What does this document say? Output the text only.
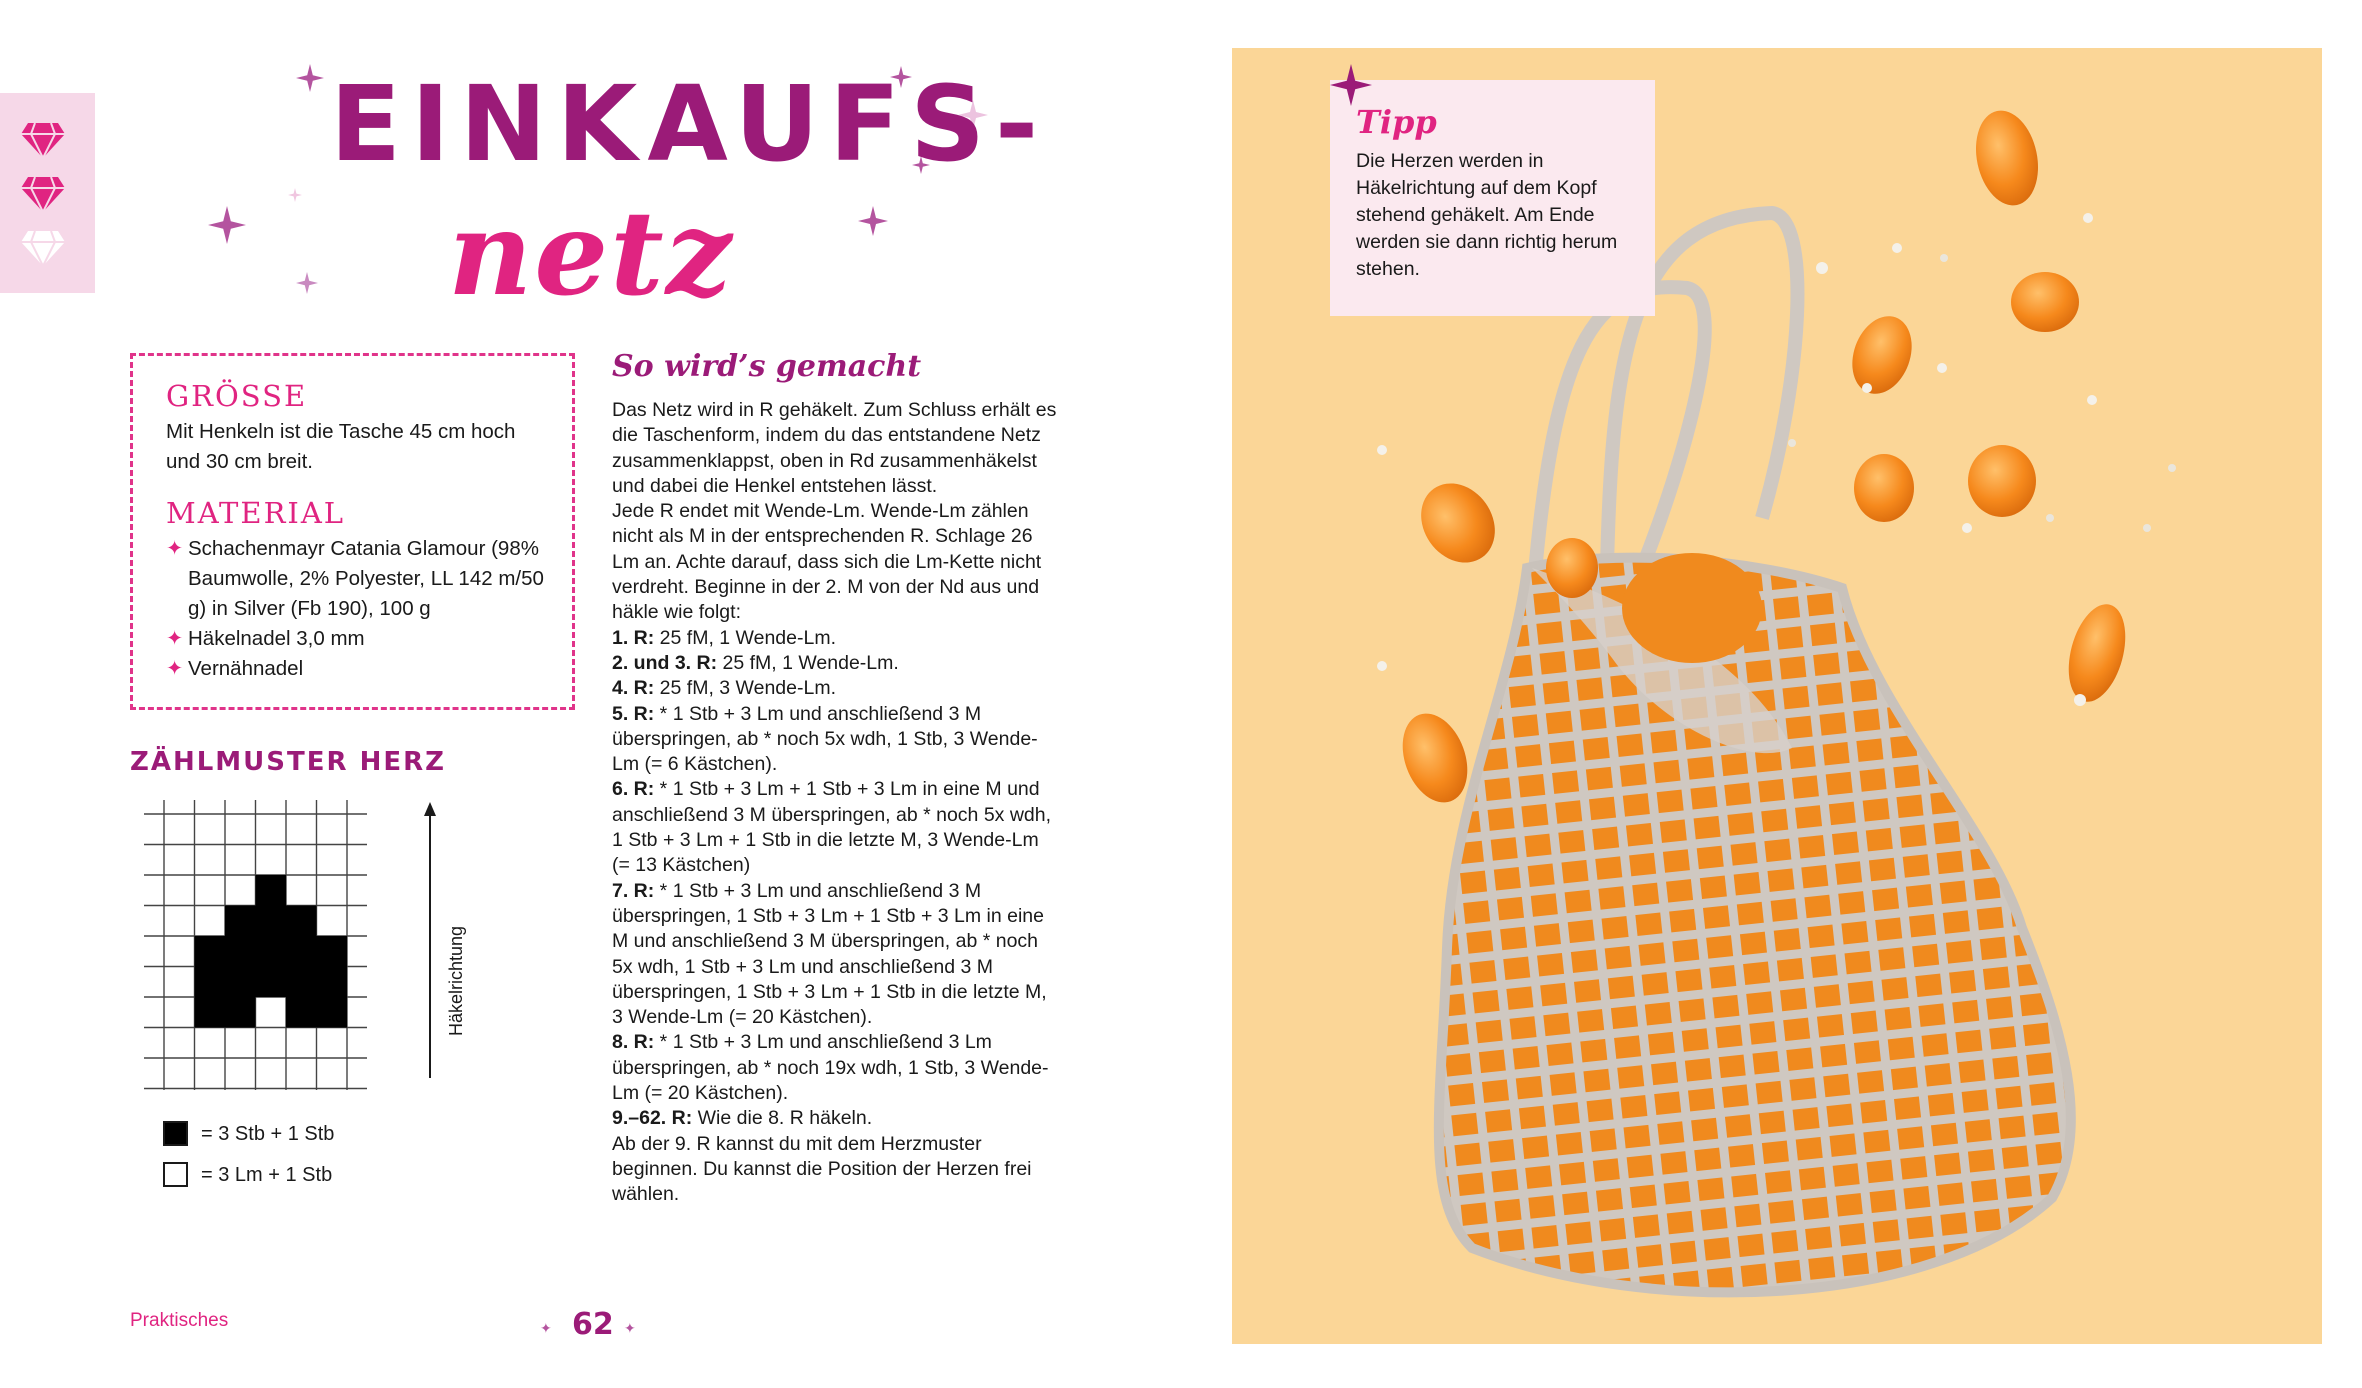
EINKAUFS-
netz

GRÖSSE

Mit Henkeln ist die Tasche 45 cm hoch und 30 cm breit.

MATERIAL

✦ Schachenmayr Catania Glamour (98% Baumwolle, 2% Polyester, LL 142 m/50 g) in Silver (Fb 190), 100 g
✦ Häkelnadel 3,0 mm
✦ Vernähnadel
ZÄHLMUSTER HERZ
Häkelrichtung
= 3 Stb + 1 Stb
= 3 Lm + 1 Stb
So wird’s gemacht

Das Netz wird in R gehäkelt. Zum Schluss erhält es die Taschenform, indem du das entstandene Netz zusammenklappst, oben in Rd zusammenhäkelst und dabei die Henkel entstehen lässt.

Jede R endet mit Wende-Lm. Wende-Lm zählen nicht als M in der entsprechenden R. Schlage 26 Lm an. Achte darauf, dass sich die Lm-Kette nicht verdreht. Beginne in der 2. M von der Nd aus und häkle wie folgt:

1. R: 25 fM, 1 Wende-Lm.

2. und 3. R: 25 fM, 1 Wende-Lm.

4. R: 25 fM, 3 Wende-Lm.

5. R: * 1 Stb + 3 Lm und anschließend 3 M überspringen, ab * noch 5x wdh, 1 Stb, 3 Wende-Lm (= 6 Kästchen).

6. R: * 1 Stb + 3 Lm + 1 Stb + 3 Lm in eine M und anschließend 3 M überspringen, ab * noch 5x wdh, 1 Stb + 3 Lm + 1 Stb in die letzte M, 3 Wende-Lm (= 13 Kästchen)

7. R: * 1 Stb + 3 Lm und anschließend 3 M überspringen, 1 Stb + 3 Lm + 1 Stb + 3 Lm in eine M und anschließend 3 M überspringen, ab * noch 5x wdh, 1 Stb + 3 Lm und anschließend 3 M überspringen, 1 Stb + 3 Lm + 1 Stb in die letzte M, 3 Wende-Lm (= 20 Kästchen).

8. R: * 1 Stb + 3 Lm und anschließend 3 Lm überspringen, ab * noch 19x wdh, 1 Stb, 3 Wende-Lm (= 20 Kästchen).

9.–62. R: Wie die 8. R häkeln.

Ab der 9. R kannst du mit dem Herzmuster beginnen. Du kannst die Position der Herzen frei wählen.

Praktisches	✦ 62 ✦

Tipp

Die Herzen werden in Häkelrichtung auf dem Kopf stehend gehäkelt. Am Ende werden sie dann richtig herum stehen.
